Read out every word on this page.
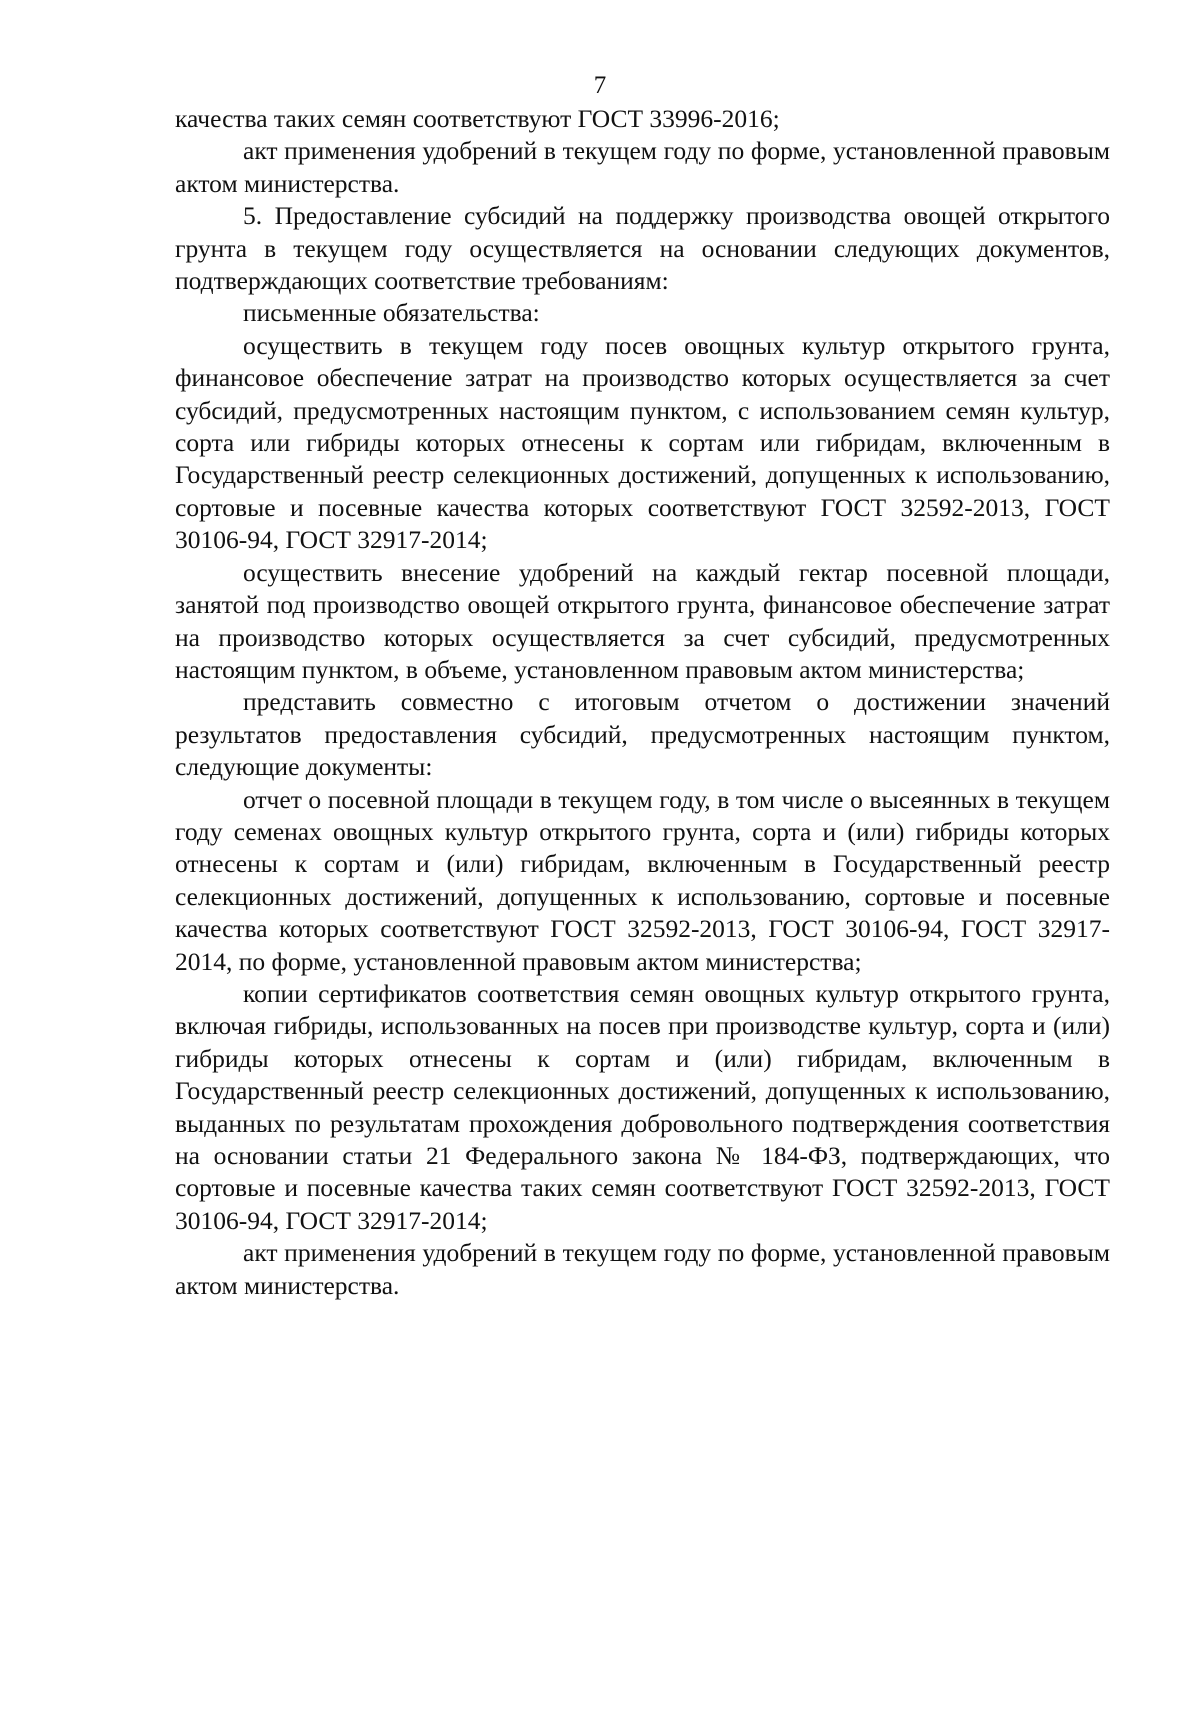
7

качества таких семян соответствуют ГОСТ 33996-2016;

акт применения удобрений в текущем году по форме, установленной правовым актом министерства.

5. Предоставление субсидий на поддержку производства овощей открытого грунта в текущем году осуществляется на основании следующих документов, подтверждающих соответствие требованиям:

письменные обязательства:

осуществить в текущем году посев овощных культур открытого грунта, финансовое обеспечение затрат на производство которых осуществляется за счет субсидий, предусмотренных настоящим пунктом, с использованием семян культур, сорта или гибриды которых отнесены к сортам или гибридам, включенным в Государственный реестр селекционных достижений, допущенных к использованию, сортовые и посевные качества которых соответствуют ГОСТ 32592-2013, ГОСТ 30106-94, ГОСТ 32917-2014;

осуществить внесение удобрений на каждый гектар посевной площади, занятой под производство овощей открытого грунта, финансовое обеспечение затрат на производство которых осуществляется за счет субсидий, предусмотренных настоящим пунктом, в объеме, установленном правовым актом министерства;

представить совместно с итоговым отчетом о достижении значений результатов предоставления субсидий, предусмотренных настоящим пунктом, следующие документы:

отчет о посевной площади в текущем году, в том числе о высеянных в текущем году семенах овощных культур открытого грунта, сорта и (или) гибриды которых отнесены к сортам и (или) гибридам, включенным в Государственный реестр селекционных достижений, допущенных к использованию, сортовые и посевные качества которых соответствуют ГОСТ 32592-2013, ГОСТ 30106-94, ГОСТ 32917-2014, по форме, установленной правовым актом министерства;

копии сертификатов соответствия семян овощных культур открытого грунта, включая гибриды, использованных на посев при производстве культур, сорта и (или) гибриды которых отнесены к сортам и (или) гибридам, включенным в Государственный реестр селекционных достижений, допущенных к использованию, выданных по результатам прохождения добровольного подтверждения соответствия на основании статьи 21 Федерального закона № 184-ФЗ, подтверждающих, что сортовые и посевные качества таких семян соответствуют ГОСТ 32592-2013, ГОСТ 30106-94, ГОСТ 32917-2014;

акт применения удобрений в текущем году по форме, установленной правовым актом министерства.
